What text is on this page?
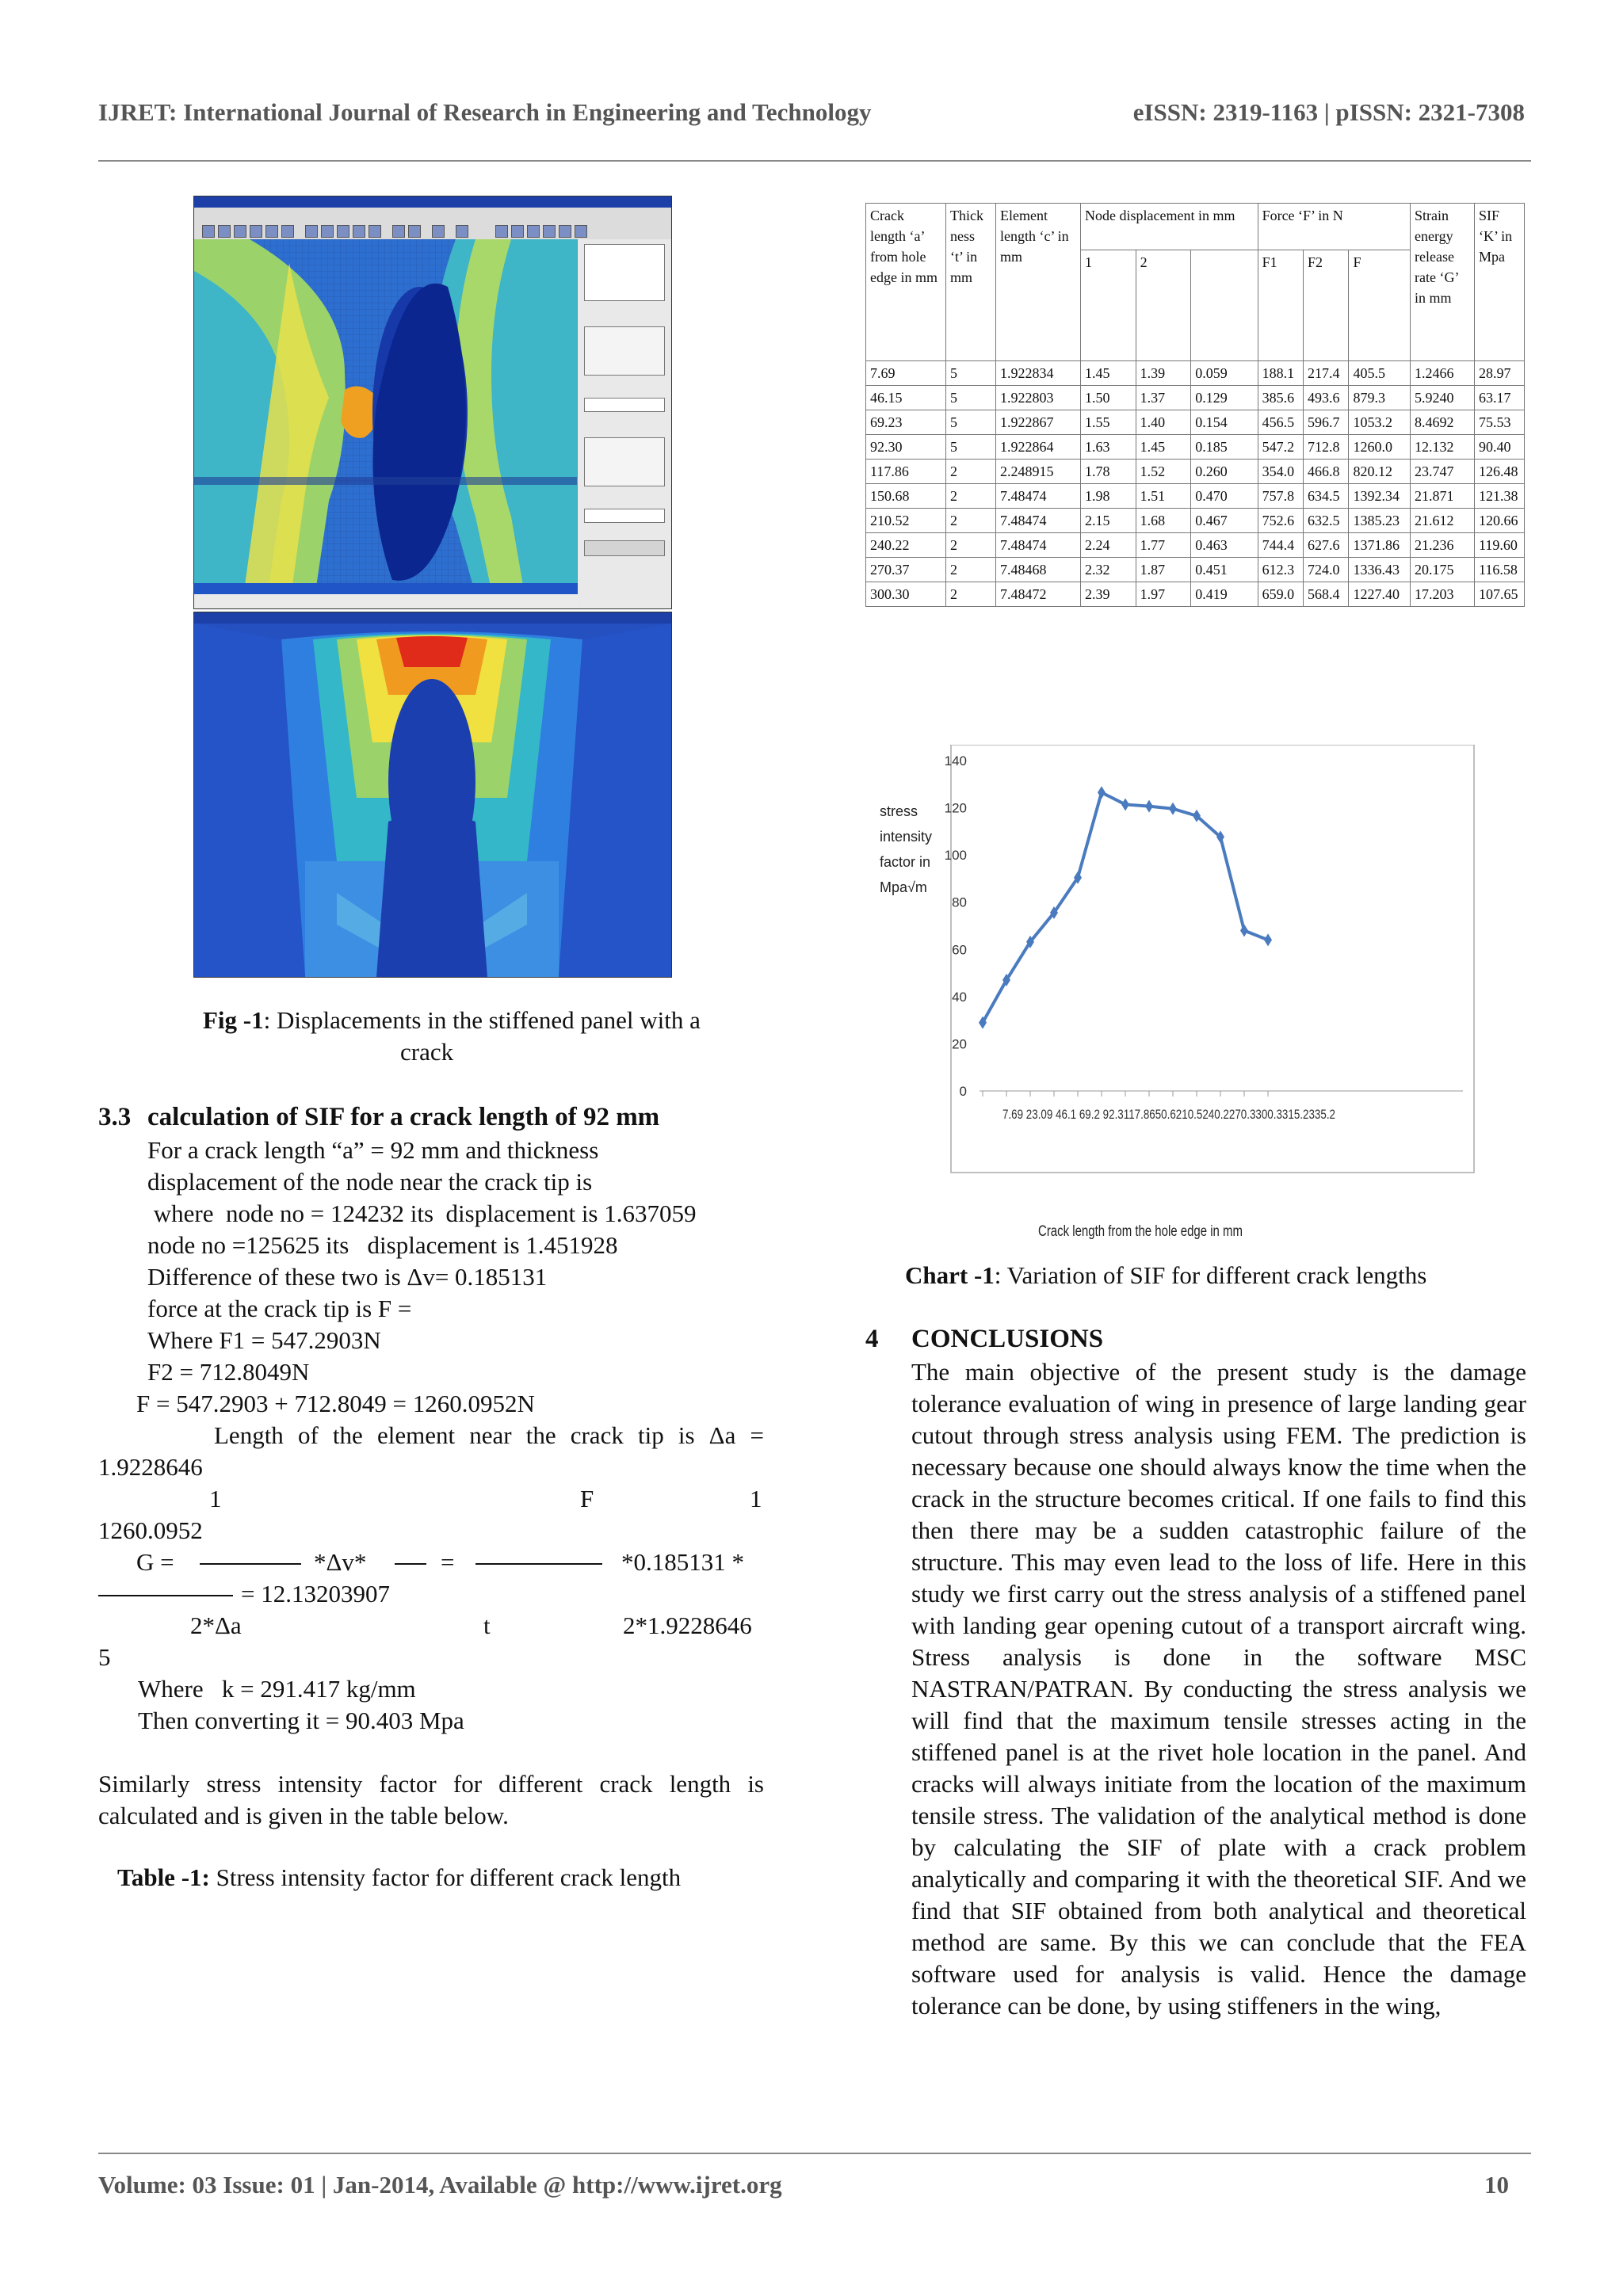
IJRET: International Journal of Research in Engineering and Technology	eISSN: 2319-1163 | pISSN: 2321-7308
Fig -1: Displacements in the stiffened panel with a
crack
3.3 calculation of SIF for a crack length of 92 mm
For a crack length “a” = 92 mm and thickness
displacement of the node near the crack tip is
where  node no = 124232 its  displacement is 1.637059
node no =125625 its   displacement is 1.451928
Difference of these two is Δv= 0.185131
force at the crack tip is F =
Where F1 = 547.2903N
F2 = 712.8049N
F = 547.2903 + 712.8049 = 1260.0952N
Length of the element near the crack tip is Δa =
1.9228646
1	F	1
1260.0952
G =	*Δv*	=	*0.185131 *
= 12.13203907
2*Δa	t	2*1.9228646
5
Where   k = 291.417 kg/mm
Then converting it = 90.403 Mpa
Similarly stress intensity factor for different crack length is calculated and is given in the table below.
Table -1: Stress intensity factor for different crack length
Crack length ‘a’ from hole edge in mm	Thick ness ‘t’ in mm	Element length ‘c’ in mm	Node displacement in mm			Force ‘F’ in N			Strain energy release rate ‘G’ in mm	SIF ‘K’ in Mpa
			1	2		F1	F2	F		
7.69	5	1.922834	1.45	1.39	0.059	188.1	217.4	405.5	1.2466	28.97
46.15	5	1.922803	1.50	1.37	0.129	385.6	493.6	879.3	5.9240	63.17
69.23	5	1.922867	1.55	1.40	0.154	456.5	596.7	1053.2	8.4692	75.53
92.30	5	1.922864	1.63	1.45	0.185	547.2	712.8	1260.0	12.132	90.40
117.86	2	2.248915	1.78	1.52	0.260	354.0	466.8	820.12	23.747	126.48
150.68	2	7.48474	1.98	1.51	0.470	757.8	634.5	1392.34	21.871	121.38
210.52	2	7.48474	2.15	1.68	0.467	752.6	632.5	1385.23	21.612	120.66
240.22	2	7.48474	2.24	1.77	0.463	744.4	627.6	1371.86	21.236	119.60
270.37	2	7.48468	2.32	1.87	0.451	612.3	724.0	1336.43	20.175	116.58
300.30	2	7.48472	2.39	1.97	0.419	659.0	568.4	1227.40	17.203	107.65
stress
intensity
factor in
Mpa√m
0
20
40
60
80
100
120
140
7.69 23.09 46.1 69.2 92.3117.8650.6210.5240.2270.3300.3315.2335.2
Crack length from the hole edge in mm
Chart -1: Variation of SIF for different crack lengths
4 CONCLUSIONS
The main objective of the present study is the damage tolerance evaluation of wing in presence of large landing gear cutout through stress analysis using FEM. The prediction is necessary because one should always know the time when the crack in the structure becomes critical. If one fails to find this then there may be a sudden catastrophic failure of the structure. This may even lead to the loss of life. Here in this study we first carry out the stress analysis of a stiffened panel with landing gear opening cutout of a transport aircraft wing. Stress analysis is done in the software MSC NASTRAN/PATRAN. By conducting the stress analysis we will find that the maximum tensile stresses acting in the stiffened panel is at the rivet hole location in the panel. And cracks will always initiate from the location of the maximum tensile stress. The validation of the analytical method is done by calculating the SIF of plate with a crack problem analytically and comparing it with the theoretical SIF. And we find that SIF obtained from both analytical and theoretical method are same. By this we can conclude that the FEA software used for analysis is valid. Hence the damage tolerance can be done, by using stiffeners in the wing,
Volume: 03 Issue: 01 | Jan-2014, Available @ http://www.ijret.org	10
